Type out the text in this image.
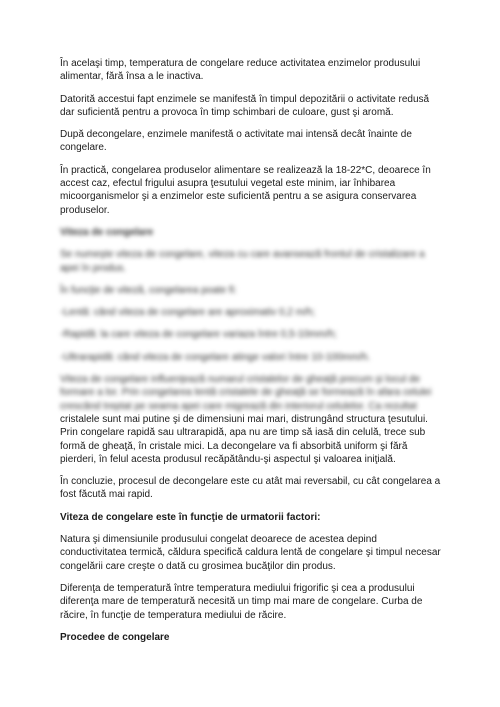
În acelaşi timp, temperatura de congelare reduce activitatea enzimelor produsului alimentar, fără însa a le inactiva.

Datorită accestui fapt enzimele se manifestă în timpul depozitării o activitate redusă dar suficientă pentru a provoca în timp schimbari de culoare, gust şi aromă.

După decongelare, enzimele manifestă o activitate mai intensă decât înainte de congelare.

În practică, congelarea produselor alimentare se realizează la 18-22*C, deoarece în accest caz, efectul frigului asupra ţesutului vegetal este minim, iar înhibarea micoorganismelor şi a enzimelor este suficientă pentru a se asigura conservarea produselor.

Viteza de congelare

Se numeşte viteza de congelare, viteza cu care avansează frontul de cristalizare a apei în produs.

În funcţie de viteză, congelarea poate fi:

-Lentă: când viteza de congelare are aproximativ 0,2 m/h;

-Rapidă: la care viteza de congelare variaza între 0,5-10mm/h;

-Ultrarapidă: când viteza de congelare atinge valori între 10-100mm/h.

Viteza de congelare influenţează numarul cristalelor de gheaţă precum şi locul de formare a lor. Prin congelarea lentă cristalele de gheaţă se formează în afara celulei crescând treptat pe seama apei care migrează din interiorul celulelor. Ca rezultat

cristalele sunt mai putine şi de dimensiuni mai mari, distrungând structura ţesutului. Prin congelare rapidă sau ultrarapidă, apa nu are timp să iasă din celulă, trece sub formă de gheaţă, în cristale mici. La decongelare va fi absorbită uniform şi fără pierderi, în felul acesta produsul recăpătându-şi aspectul şi valoarea iniţială.

În concluzie, procesul de decongelare este cu atât mai reversabil, cu cât congelarea a fost făcută mai rapid.

Viteza de congelare este în funcţie de urmatorii factori:

Natura şi dimensiunile produsului congelat deoarece de acestea depind conductivitatea termică, căldura specifică caldura lentă de congelare şi timpul necesar congelării care creşte o dată cu grosimea bucăţilor din produs.

Diferenţa de temperatură între temperatura mediului frigorific şi cea a produsului diferenţa mare de temperatură necesită un timp mai mare de congelare. Curba de răcire, în funcţie de temperatura mediului de răcire.

Procedee de congelare
